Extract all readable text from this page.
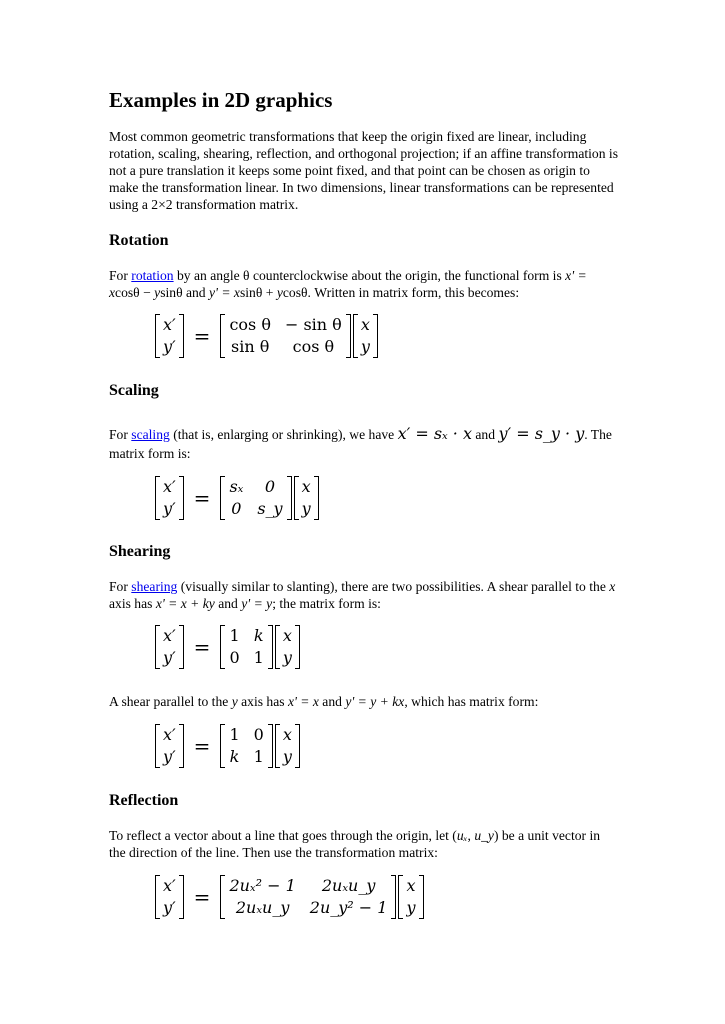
Examples in 2D graphics

Most common geometric transformations that keep the origin fixed are linear, including rotation, scaling, shearing, reflection, and orthogonal projection; if an affine transformation is not a pure translation it keeps some point fixed, and that point can be chosen as origin to make the transformation linear. In two dimensions, linear transformations can be represented using a 2×2 transformation matrix.

Rotation

For rotation by an angle θ counterclockwise about the origin, the functional form is x' = xcosθ − ysinθ and y' = xsinθ + ycosθ. Written in matrix form, this becomes:

x′
y′ =	cos θ − sin θ
sin θ	cos θ
x
y
Scaling

For scaling (that is, enlarging or shrinking), we have x′ = sₓ · x and y′ = s_y · y. The matrix form is:

x′
y′ =	sₓ	0
0 s_y
x
y
Shearing

For shearing (visually similar to slanting), there are two possibilities. A shear parallel to the x axis has x' = x + ky and y' = y; the matrix form is:

x′
y′ =	1 k
0 1
x
y

A shear parallel to the y axis has x' = x and y' = y + kx, which has matrix form:

x′
y′ =	1 0
k 1
x
y
Reflection

To reflect a vector about a line that goes through the origin, let (uₓ, u_y) be a unit vector in the direction of the line. Then use the transformation matrix:

x′
y′ =	2uₓ² − 1	2uₓu_y
2uₓu_y	2u_y² − 1
x
y
